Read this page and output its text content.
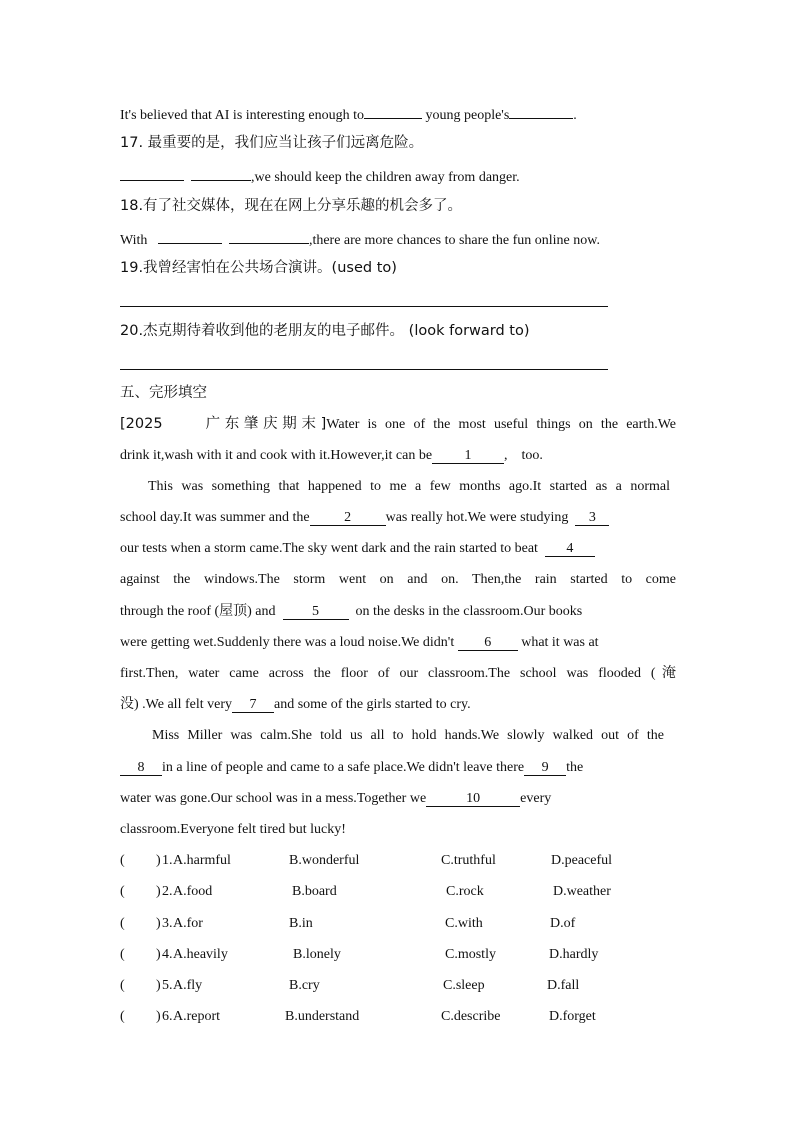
It's believed that AI is interesting enough to	young people's	.
17. 最重要的是，我们应当让孩子们远离危险。
,we should keep the children away from danger.
18.有了社交媒体，现在在网上分享乐趣的机会多了。
With	,there are more chances to share the fun online now.
19.我曾经害怕在公共场合演讲。(used to)
20.杰克期待着收到他的老朋友的电子邮件。 (look forward to)
五、完形填空
[2025　　广东肇庆期末]Water is one of the most useful things on the earth.We
drink it,wash with it and cook with it.However,it can be 1 ,　too.
This was something that happened to me a few months ago.It started as a normal
school day.It was summer and the 2 was really hot.We were studying 3
our tests when a storm came.The sky went dark and the rain started to beat 4
against the windows.The storm went on and on. Then,the rain started to come
through the roof (屋顶) and	5	on the desks in the classroom.Our books
were getting wet.Suddenly there was a loud noise.We didn't 6 what it was at
first.Then, water came across the floor of our classroom.The school was flooded (淹
没) .We all felt very 7 and some of the girls started to cry.
Miss Miller was calm.She told us all to hold hands.We slowly walked out of the
8 in a line of people and came to a safe place.We didn't leave there 9 the
water was gone.Our school was in a mess.Together we	10	every
classroom.Everyone felt tired but lucky!
( ) 1. A.harmful	B.wonderful	C.truthful	D.peaceful
( ) 2. A.food	B.board	C.rock	D.weather
( ) 3. A.for	B.in	C.with	D.of
( ) 4. A.heavily	B.lonely	C.mostly	D.hardly
( ) 5. A.fly	B.cry	C.sleep	D.fall
( ) 6. A.report	B.understand	C.describe	D.forget
